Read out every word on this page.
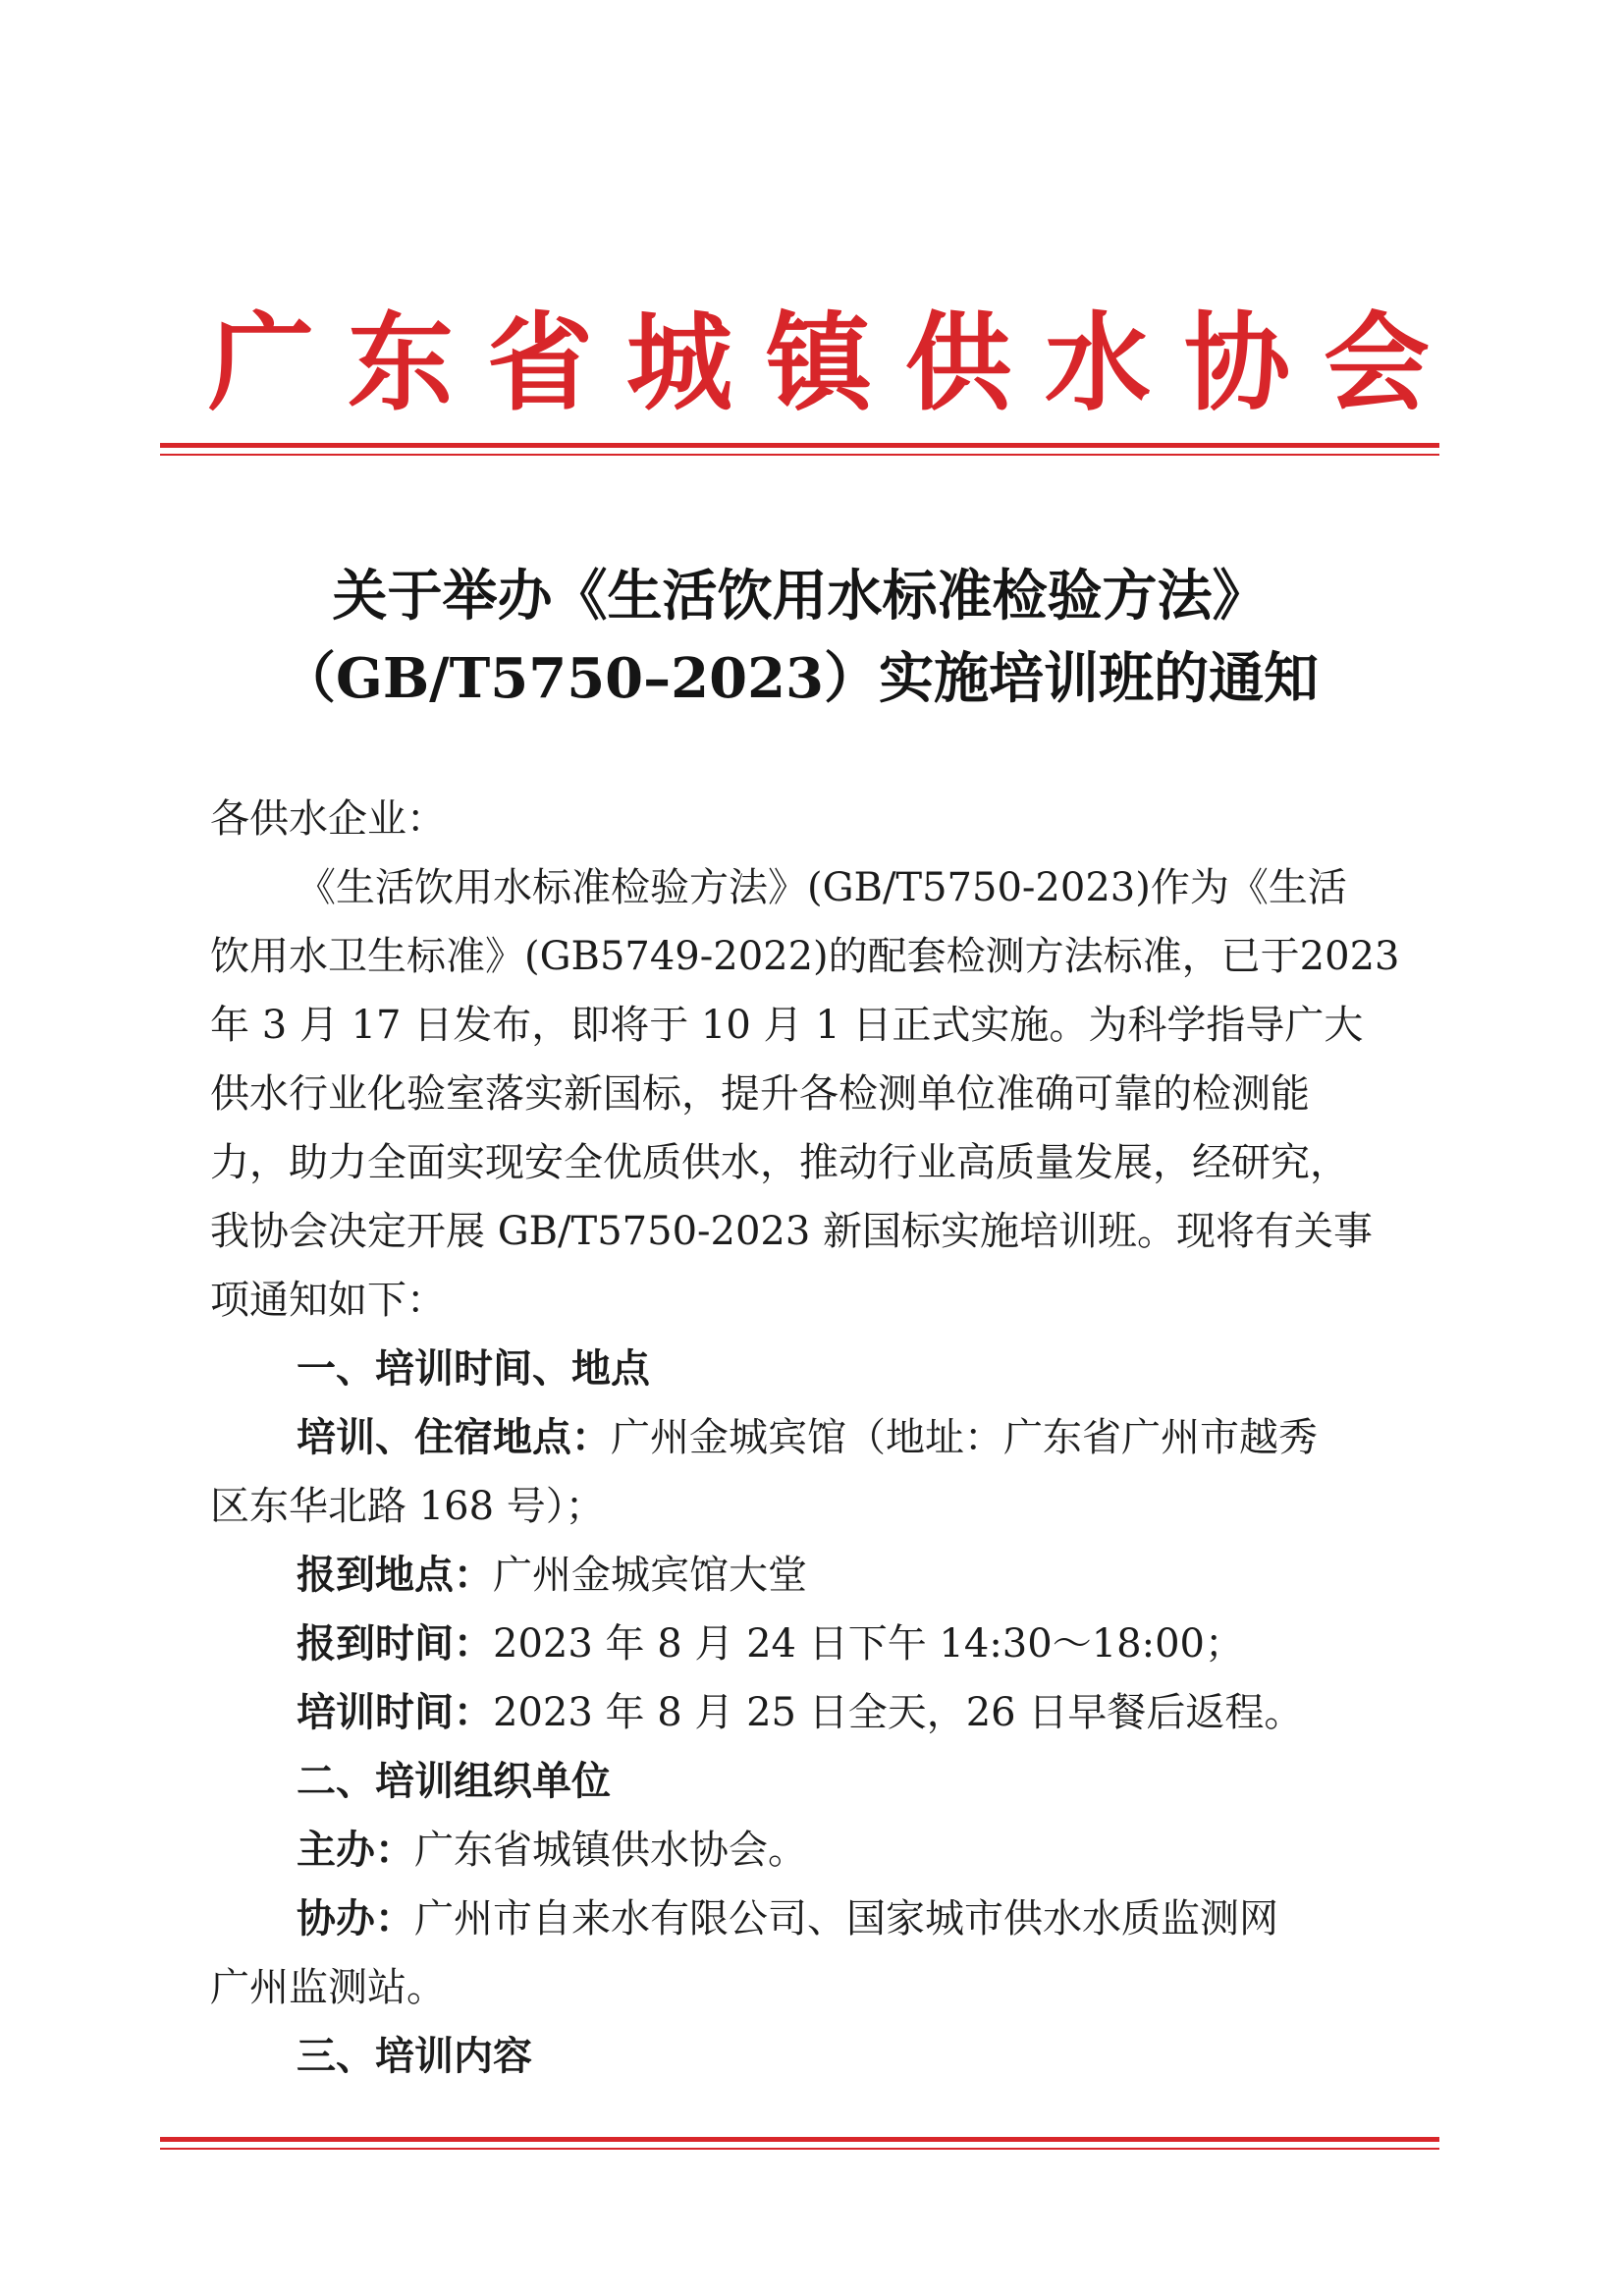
广东省城镇供水协会
关于举办《生活饮用水标准检验方法》
（GB/T5750–2023）实施培训班的通知
各供水企业：
《生活饮用水标准检验方法》(GB/T5750-2023)作为《生活
饮用水卫生标准》(GB5749-2022)的配套检测方法标准，已于2023
年 3 月 17 日发布，即将于 10 月 1 日正式实施。为科学指导广大
供水行业化验室落实新国标，提升各检测单位准确可靠的检测能
力，助力全面实现安全优质供水，推动行业高质量发展，经研究，
我协会决定开展 GB/T5750-2023 新国标实施培训班。现将有关事
项通知如下：
一、培训时间、地点
培训、住宿地点：广州金城宾馆（地址：广东省广州市越秀
区东华北路 168 号）；
报到地点：广州金城宾馆大堂
报到时间：2023 年 8 月 24 日下午 14:30～18:00；
培训时间：2023 年 8 月 25 日全天，26 日早餐后返程。
二、培训组织单位
主办：广东省城镇供水协会。
协办：广州市自来水有限公司、国家城市供水水质监测网
广州监测站。
三、培训内容
